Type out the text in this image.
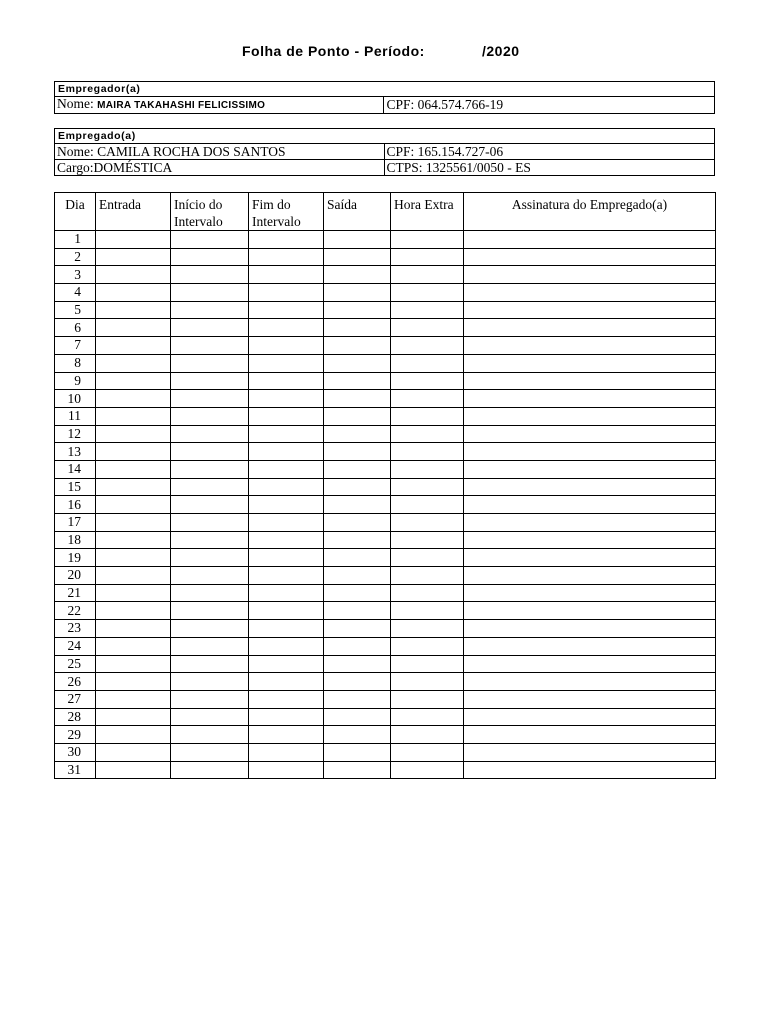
Folha de Ponto - Período:	/2020
Empregador(a)
Nome: MAIRA TAKAHASHI FELICISSIMO	CPF: 064.574.766-19
Empregado(a)	
Nome: CAMILA ROCHA DOS SANTOS	CPF: 165.154.727-06
Cargo:DOMÉSTICA	CTPS: 1325561/0050 - ES
Dia	Entrada	Início do Intervalo	Fim do Intervalo	Saída	Hora Extra	Assinatura do Empregado(a)
1						
2						
3						
4						
5						
6						
7						
8						
9						
10						
11						
12						
13						
14						
15						
16						
17						
18						
19						
20						
21						
22						
23						
24						
25						
26						
27						
28						
29						
30						
31						
